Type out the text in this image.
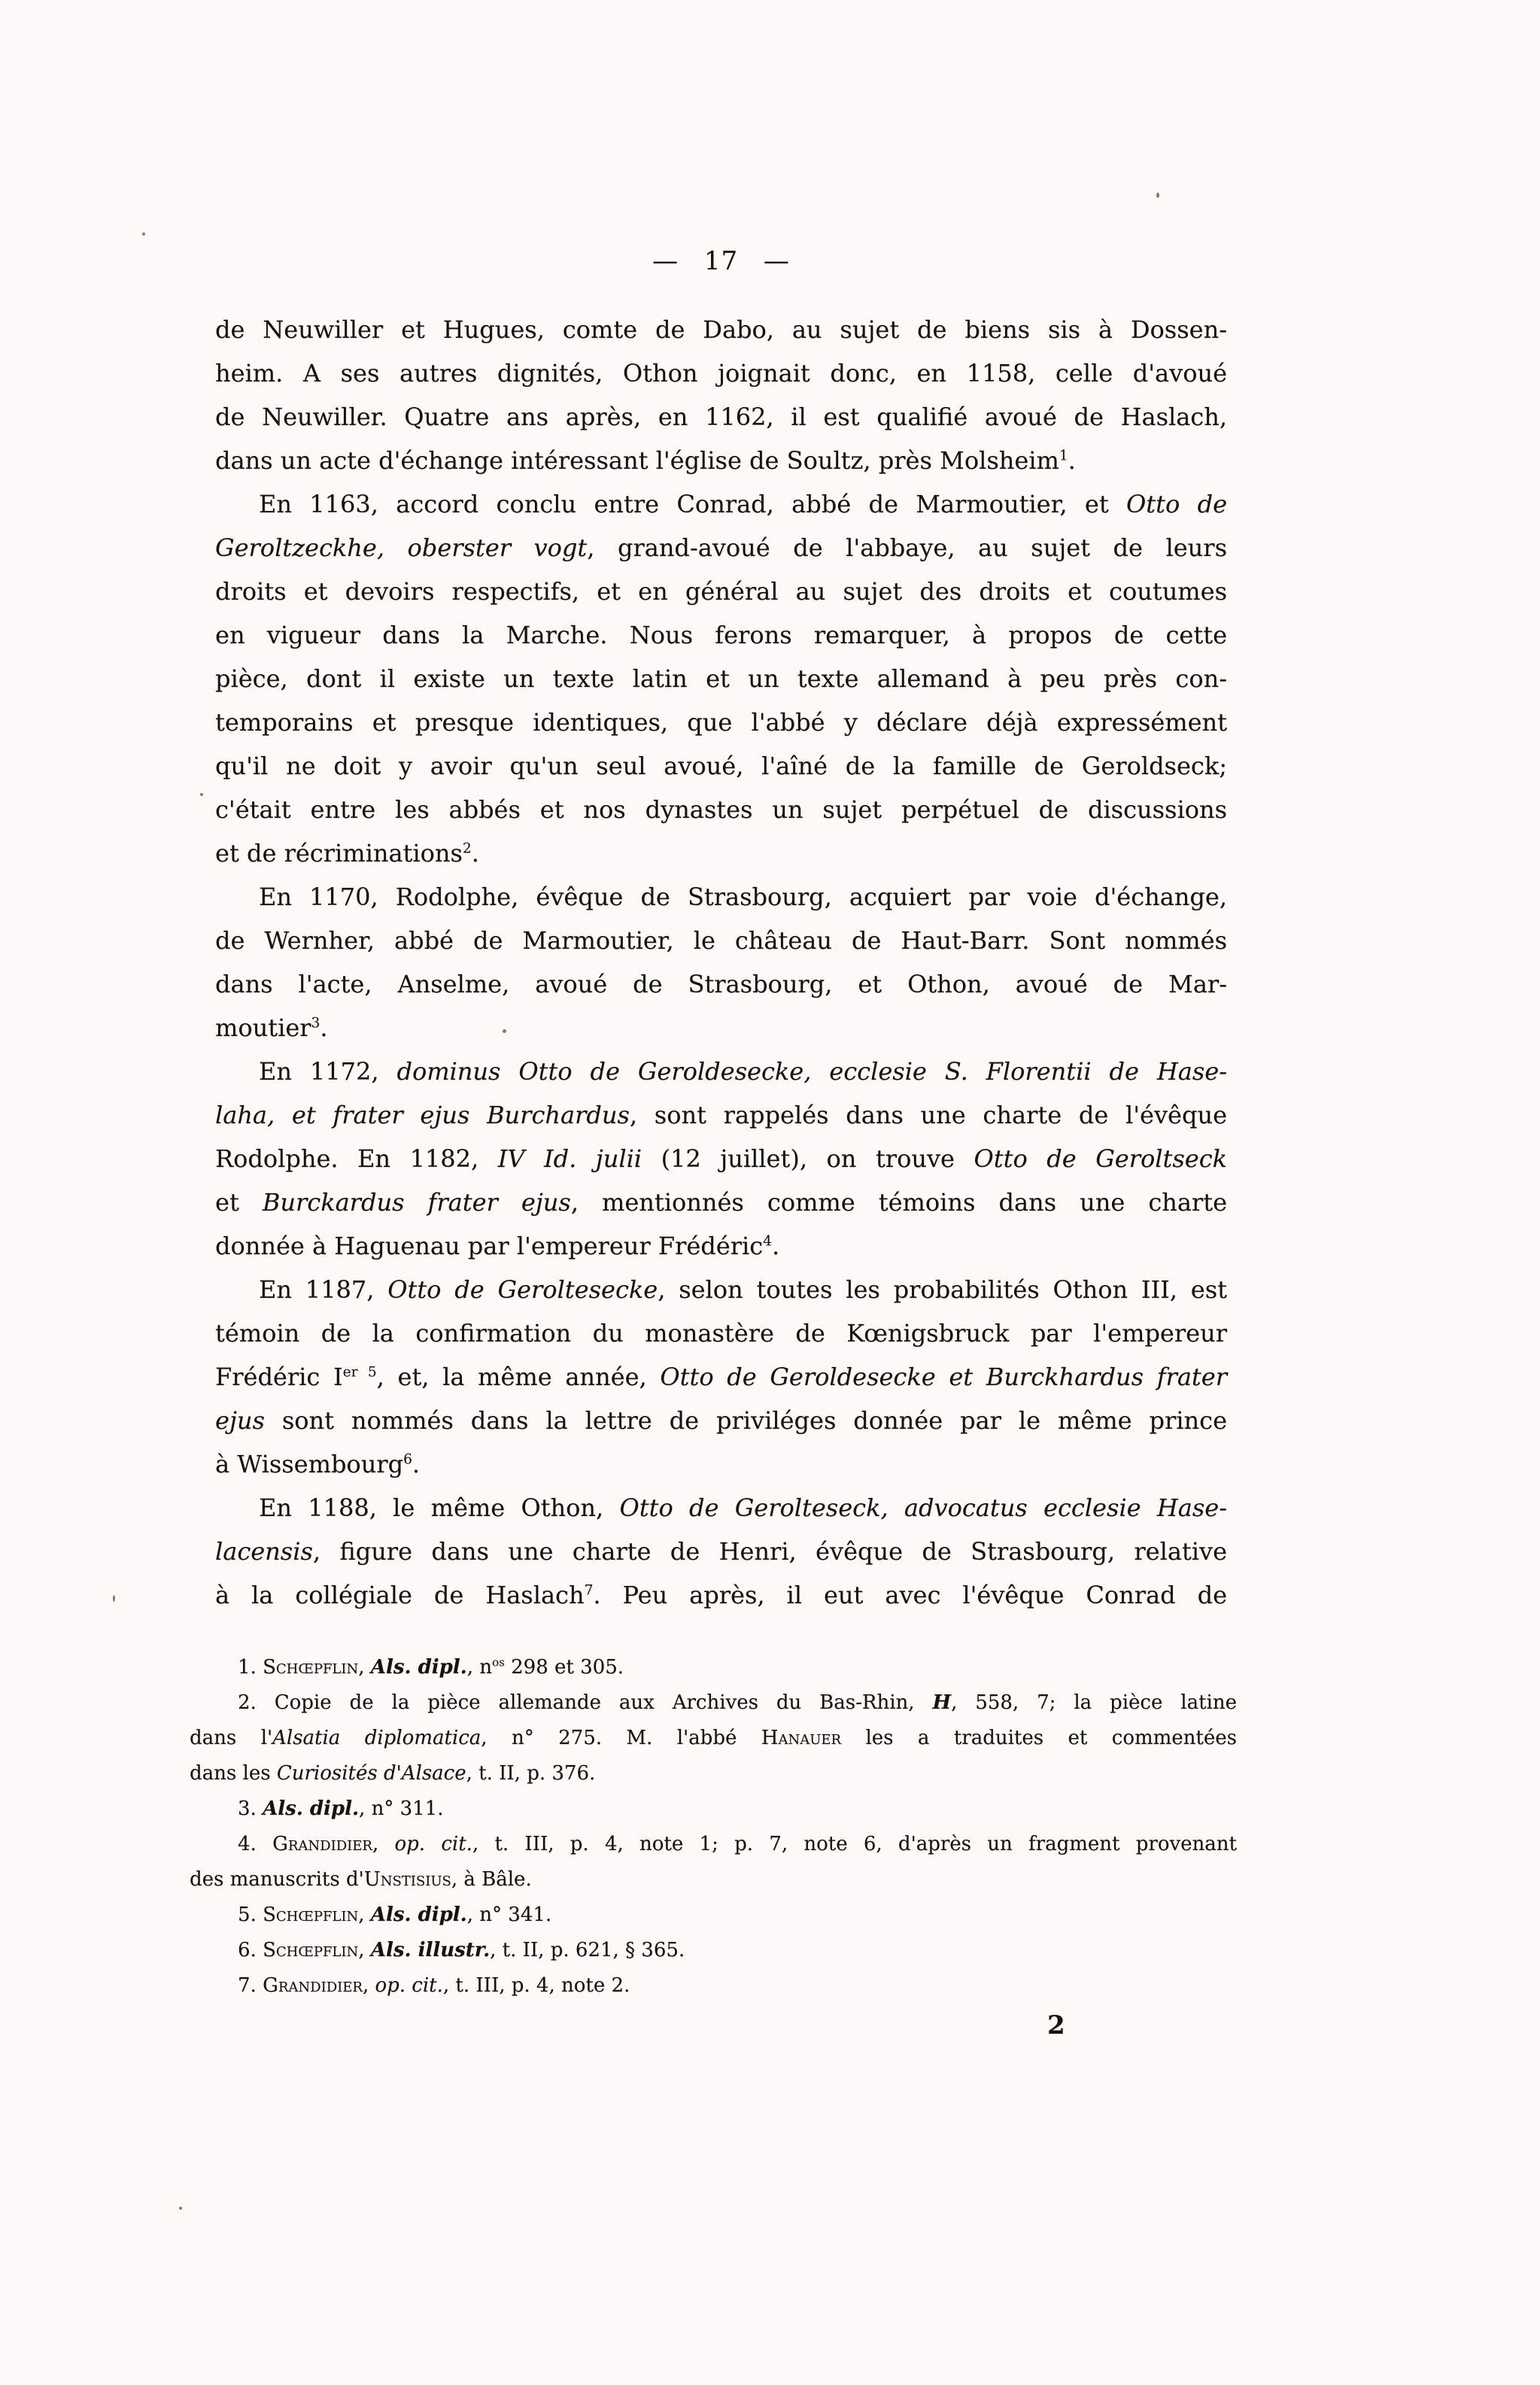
— 17 —
de Neuwiller et Hugues, comte de Dabo, au sujet de biens sis à Dossen-
heim. A ses autres dignités, Othon joignait donc, en 1158, celle d'avoué
de Neuwiller. Quatre ans après, en 1162, il est qualifié avoué de Haslach,
dans un acte d'échange intéressant l'église de Soultz, près Molsheim$^1$.
En 1163, accord conclu entre Conrad, abbé de Marmoutier, et Otto de
Geroltzeckhe, oberster vogt, grand-avoué de l'abbaye, au sujet de leurs
droits et devoirs respectifs, et en général au sujet des droits et coutumes
en vigueur dans la Marche. Nous ferons remarquer, à propos de cette
pièce, dont il existe un texte latin et un texte allemand à peu près con-
temporains et presque identiques, que l'abbé y déclare déjà expressément
qu'il ne doit y avoir qu'un seul avoué, l'aîné de la famille de Geroldseck;
c'était entre les abbés et nos dynastes un sujet perpétuel de discussions
et de récriminations$^2$.
En 1170, Rodolphe, évêque de Strasbourg, acquiert par voie d'échange,
de Wernher, abbé de Marmoutier, le château de Haut-Barr. Sont nommés
dans l'acte, Anselme, avoué de Strasbourg, et Othon, avoué de Mar-
moutier$^3$.
En 1172, dominus Otto de Geroldesecke, ecclesie S. Florentii de Hase-
laha, et frater ejus Burchardus, sont rappelés dans une charte de l'évêque
Rodolphe. En 1182, IV Id. julii (12 juillet), on trouve Otto de Geroltseck
et Burckardus frater ejus, mentionnés comme témoins dans une charte
donnée à Haguenau par l'empereur Frédéric$^4$.
En 1187, Otto de Geroltesecke, selon toutes les probabilités Othon III, est
témoin de la confirmation du monastère de Kœnigsbruck par l'empereur
Frédéric $I^{er 5}$, et, la même année, Otto de Geroldesecke et Burckhardus frater
ejus sont nommés dans la lettre de priviléges donnée par le même prince
à Wissembourg$^6$.
En 1188, le même Othon, Otto de Gerolteseck, advocatus ecclesie Hase-
lacensis, figure dans une charte de Henri, évêque de Strasbourg, relative
à la collégiale de Haslach$^7$. Peu après, il eut avec l'évêque Conrad de
1. Schœpflin, Als. dipl., $n^{os}$ 298 et 305.
2. Copie de la pièce allemande aux Archives du Bas-Rhin, H, 558, 7; la pièce latine
dans l'Alsatia diplomatica, n° 275. M. l'abbé Hanauer les a traduites et commentées
dans les Curiosités d'Alsace, t. II, p. 376.
3. Als. dipl., n° 311.
4. Grandidier, op. cit., t. III, p. 4, note 1; p. 7, note 6, d'après un fragment provenant
des manuscrits d'Unstisius, à Bâle.
5. Schœpflin, Als. dipl., n° 341.
6. Schœpflin, Als. illustr., t. II, p. 621, § 365.
7. Grandidier, op. cit., t. III, p. 4, note 2.
2
